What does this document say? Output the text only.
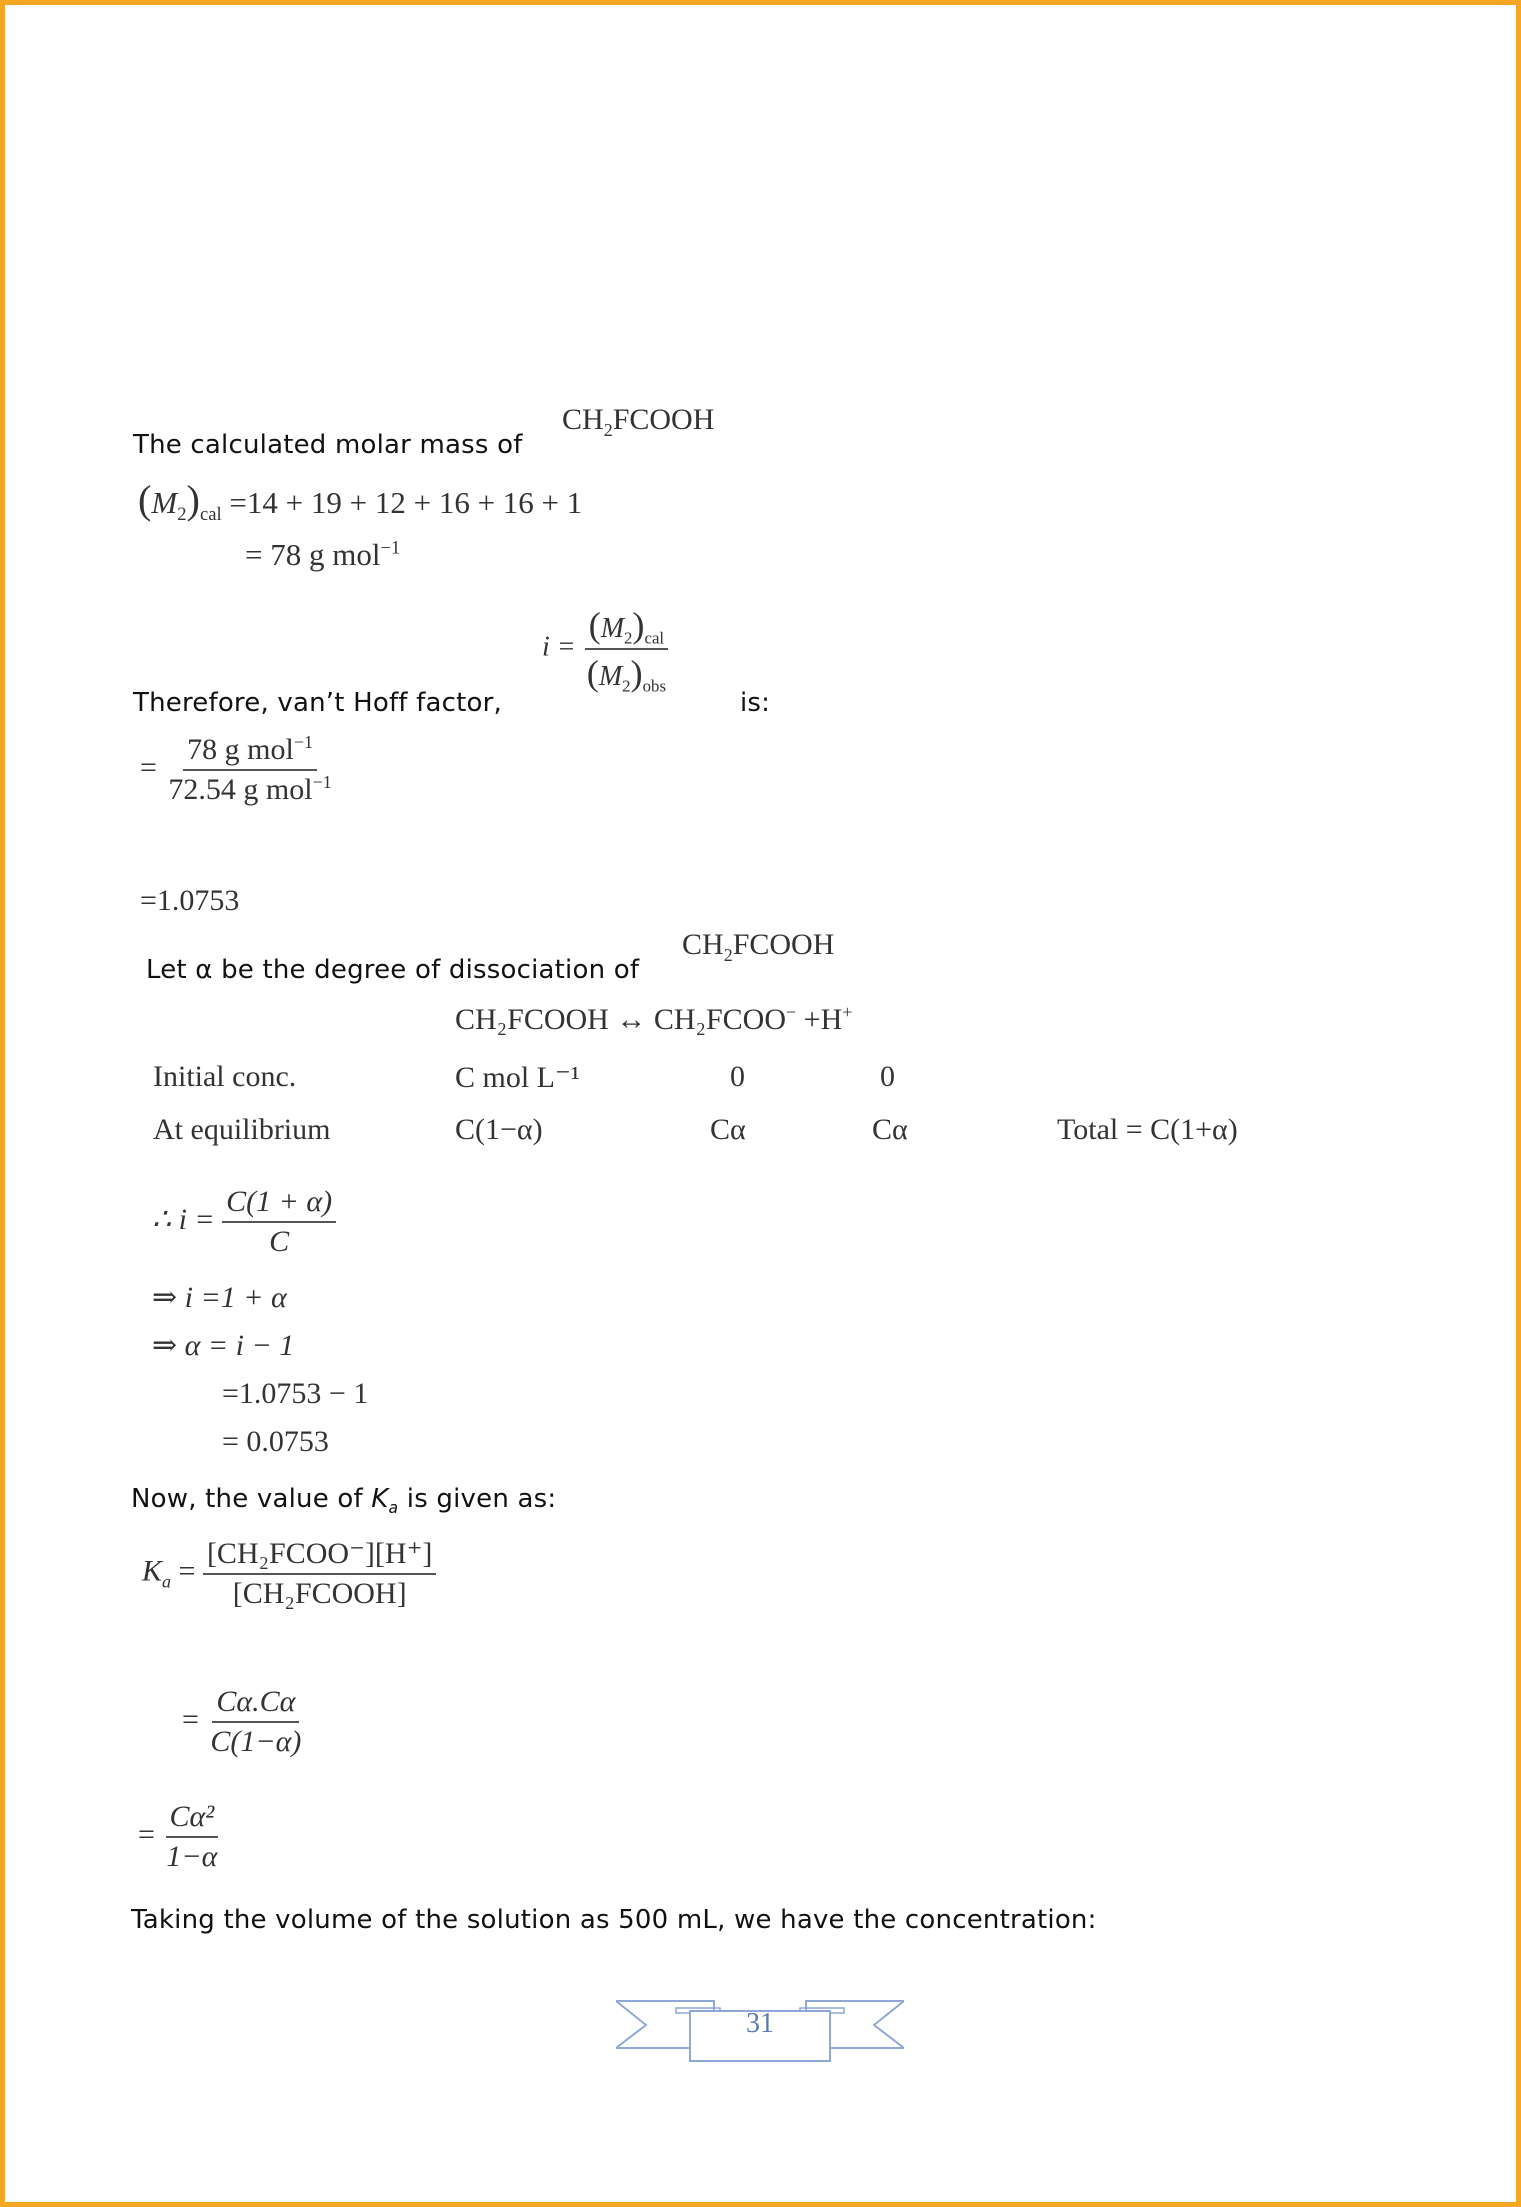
The calculated molar mass of
$CH_2FCOOH$
$(M_2)_{cal} =14 + 19 + 12 + 16 + 16 + 1$
= 78 g mol$^{-1}$
Therefore, van’t Hoff factor,
$i = \frac{(M_2)_{cal}}{(M_2)_{obs}}$
is:
= $\frac{78 g mol^{-1}}{72.54 g mol^{-1}}$
=1.0753
Let α be the degree of dissociation of
$CH_2FCOOH$
CH₂FCOOH ↔ CH₂FCOO− +H+
Initial conc.	C mol L⁻¹	0	0
At equilibrium	C(1−α)	Cα	Cα	Total = C(1+α)
∴ $i = \frac{C(1 + \alpha)}{C}$
⇒ i =1 + α
⇒ α = i − 1
=1.0753 − 1
= 0.0753
Now, the value of $K_a$ is given as:
$K_a = \frac{\text{[CH₂FCOO⁻][H⁺]}}{\text{[CH₂FCOOH]}}$
= $\frac{C\alpha.C\alpha}{C(1-\alpha)}$
= $\frac{\text{Cα²}}{1-\alpha}$
Taking the volume of the solution as 500 mL, we have the concentration:
31
